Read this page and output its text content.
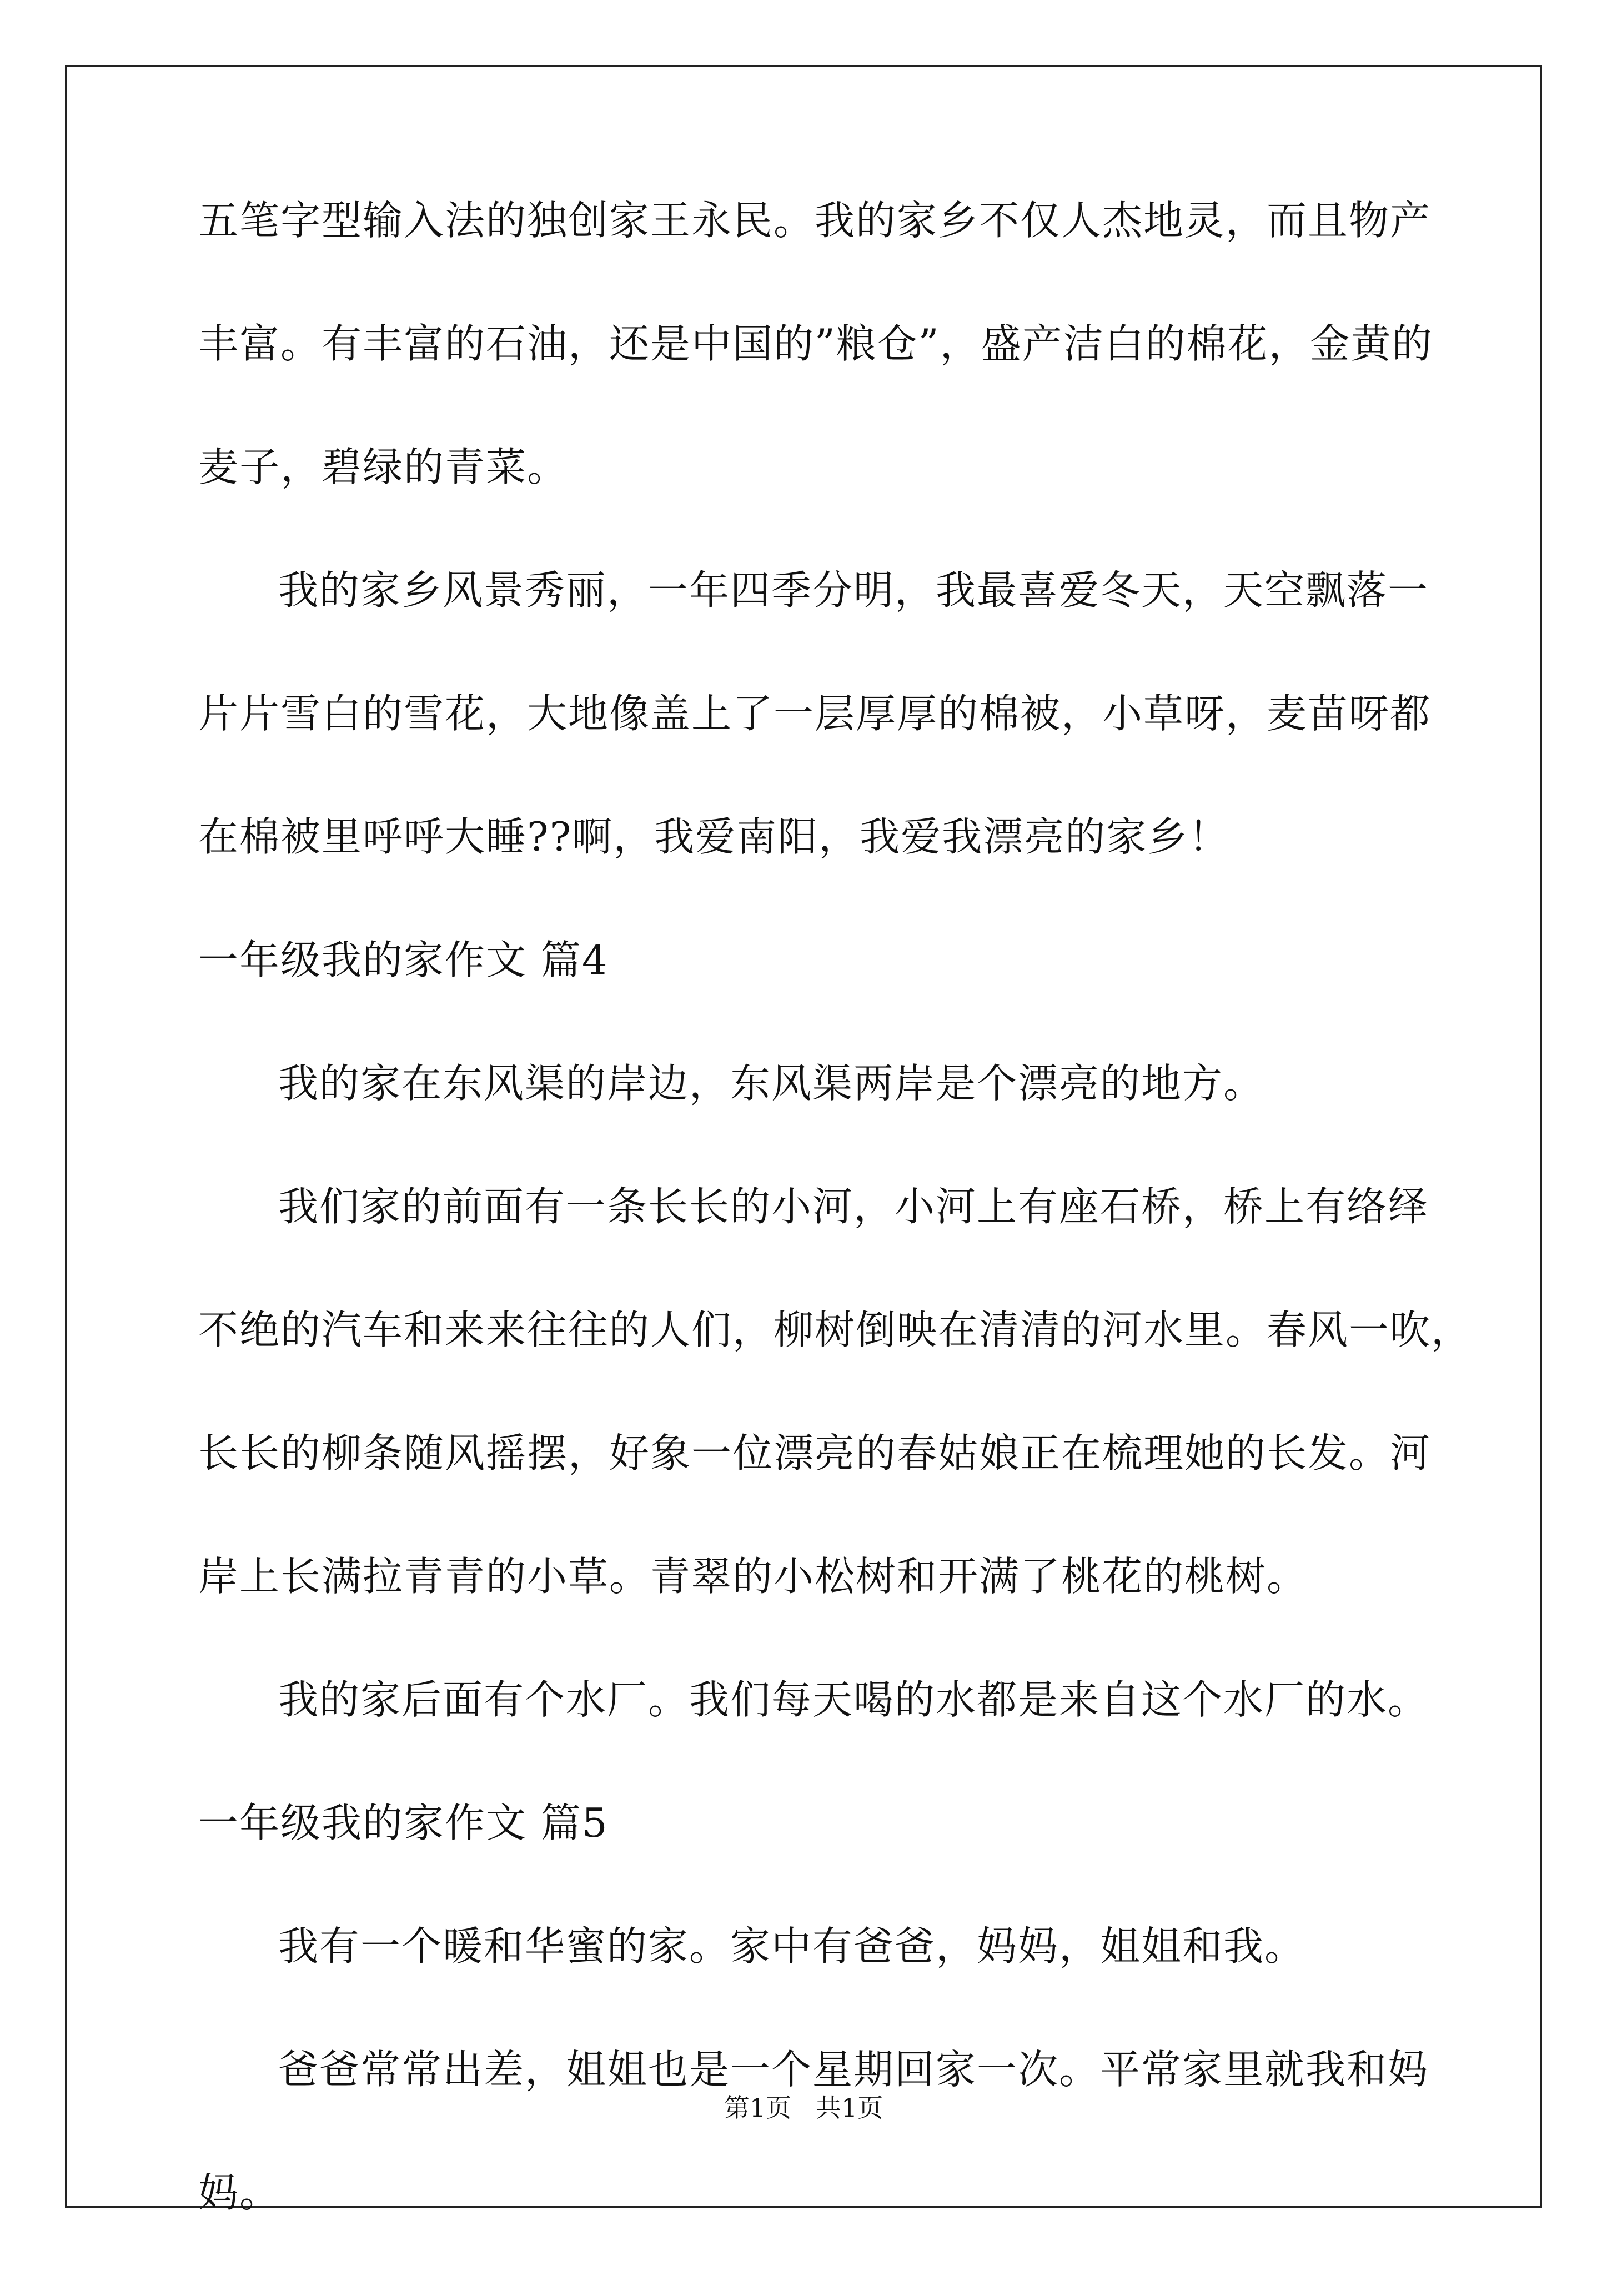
五笔字型输入法的独创家王永民。我的家乡不仅人杰地灵，而且物产
丰富。有丰富的石油，还是中国的”粮仓”，盛产洁白的棉花，金黄的
麦子，碧绿的青菜。
我的家乡风景秀丽，一年四季分明，我最喜爱冬天，天空飘落一
片片雪白的雪花，大地像盖上了一层厚厚的棉被，小草呀，麦苗呀都
在棉被里呼呼大睡??啊，我爱南阳，我爱我漂亮的家乡！
一年级我的家作文 篇4
我的家在东风渠的岸边，东风渠两岸是个漂亮的地方。
我们家的前面有一条长长的小河，小河上有座石桥，桥上有络绎
不绝的汽车和来来往往的人们，柳树倒映在清清的河水里。春风一吹，
长长的柳条随风摇摆，好象一位漂亮的春姑娘正在梳理她的长发。河
岸上长满拉青青的小草。青翠的小松树和开满了桃花的桃树。
我的家后面有个水厂。我们每天喝的水都是来自这个水厂的水。
一年级我的家作文 篇5
我有一个暖和华蜜的家。家中有爸爸，妈妈，姐姐和我。
爸爸常常出差，姐姐也是一个星期回家一次。平常家里就我和妈
妈。
第1页   共1页
